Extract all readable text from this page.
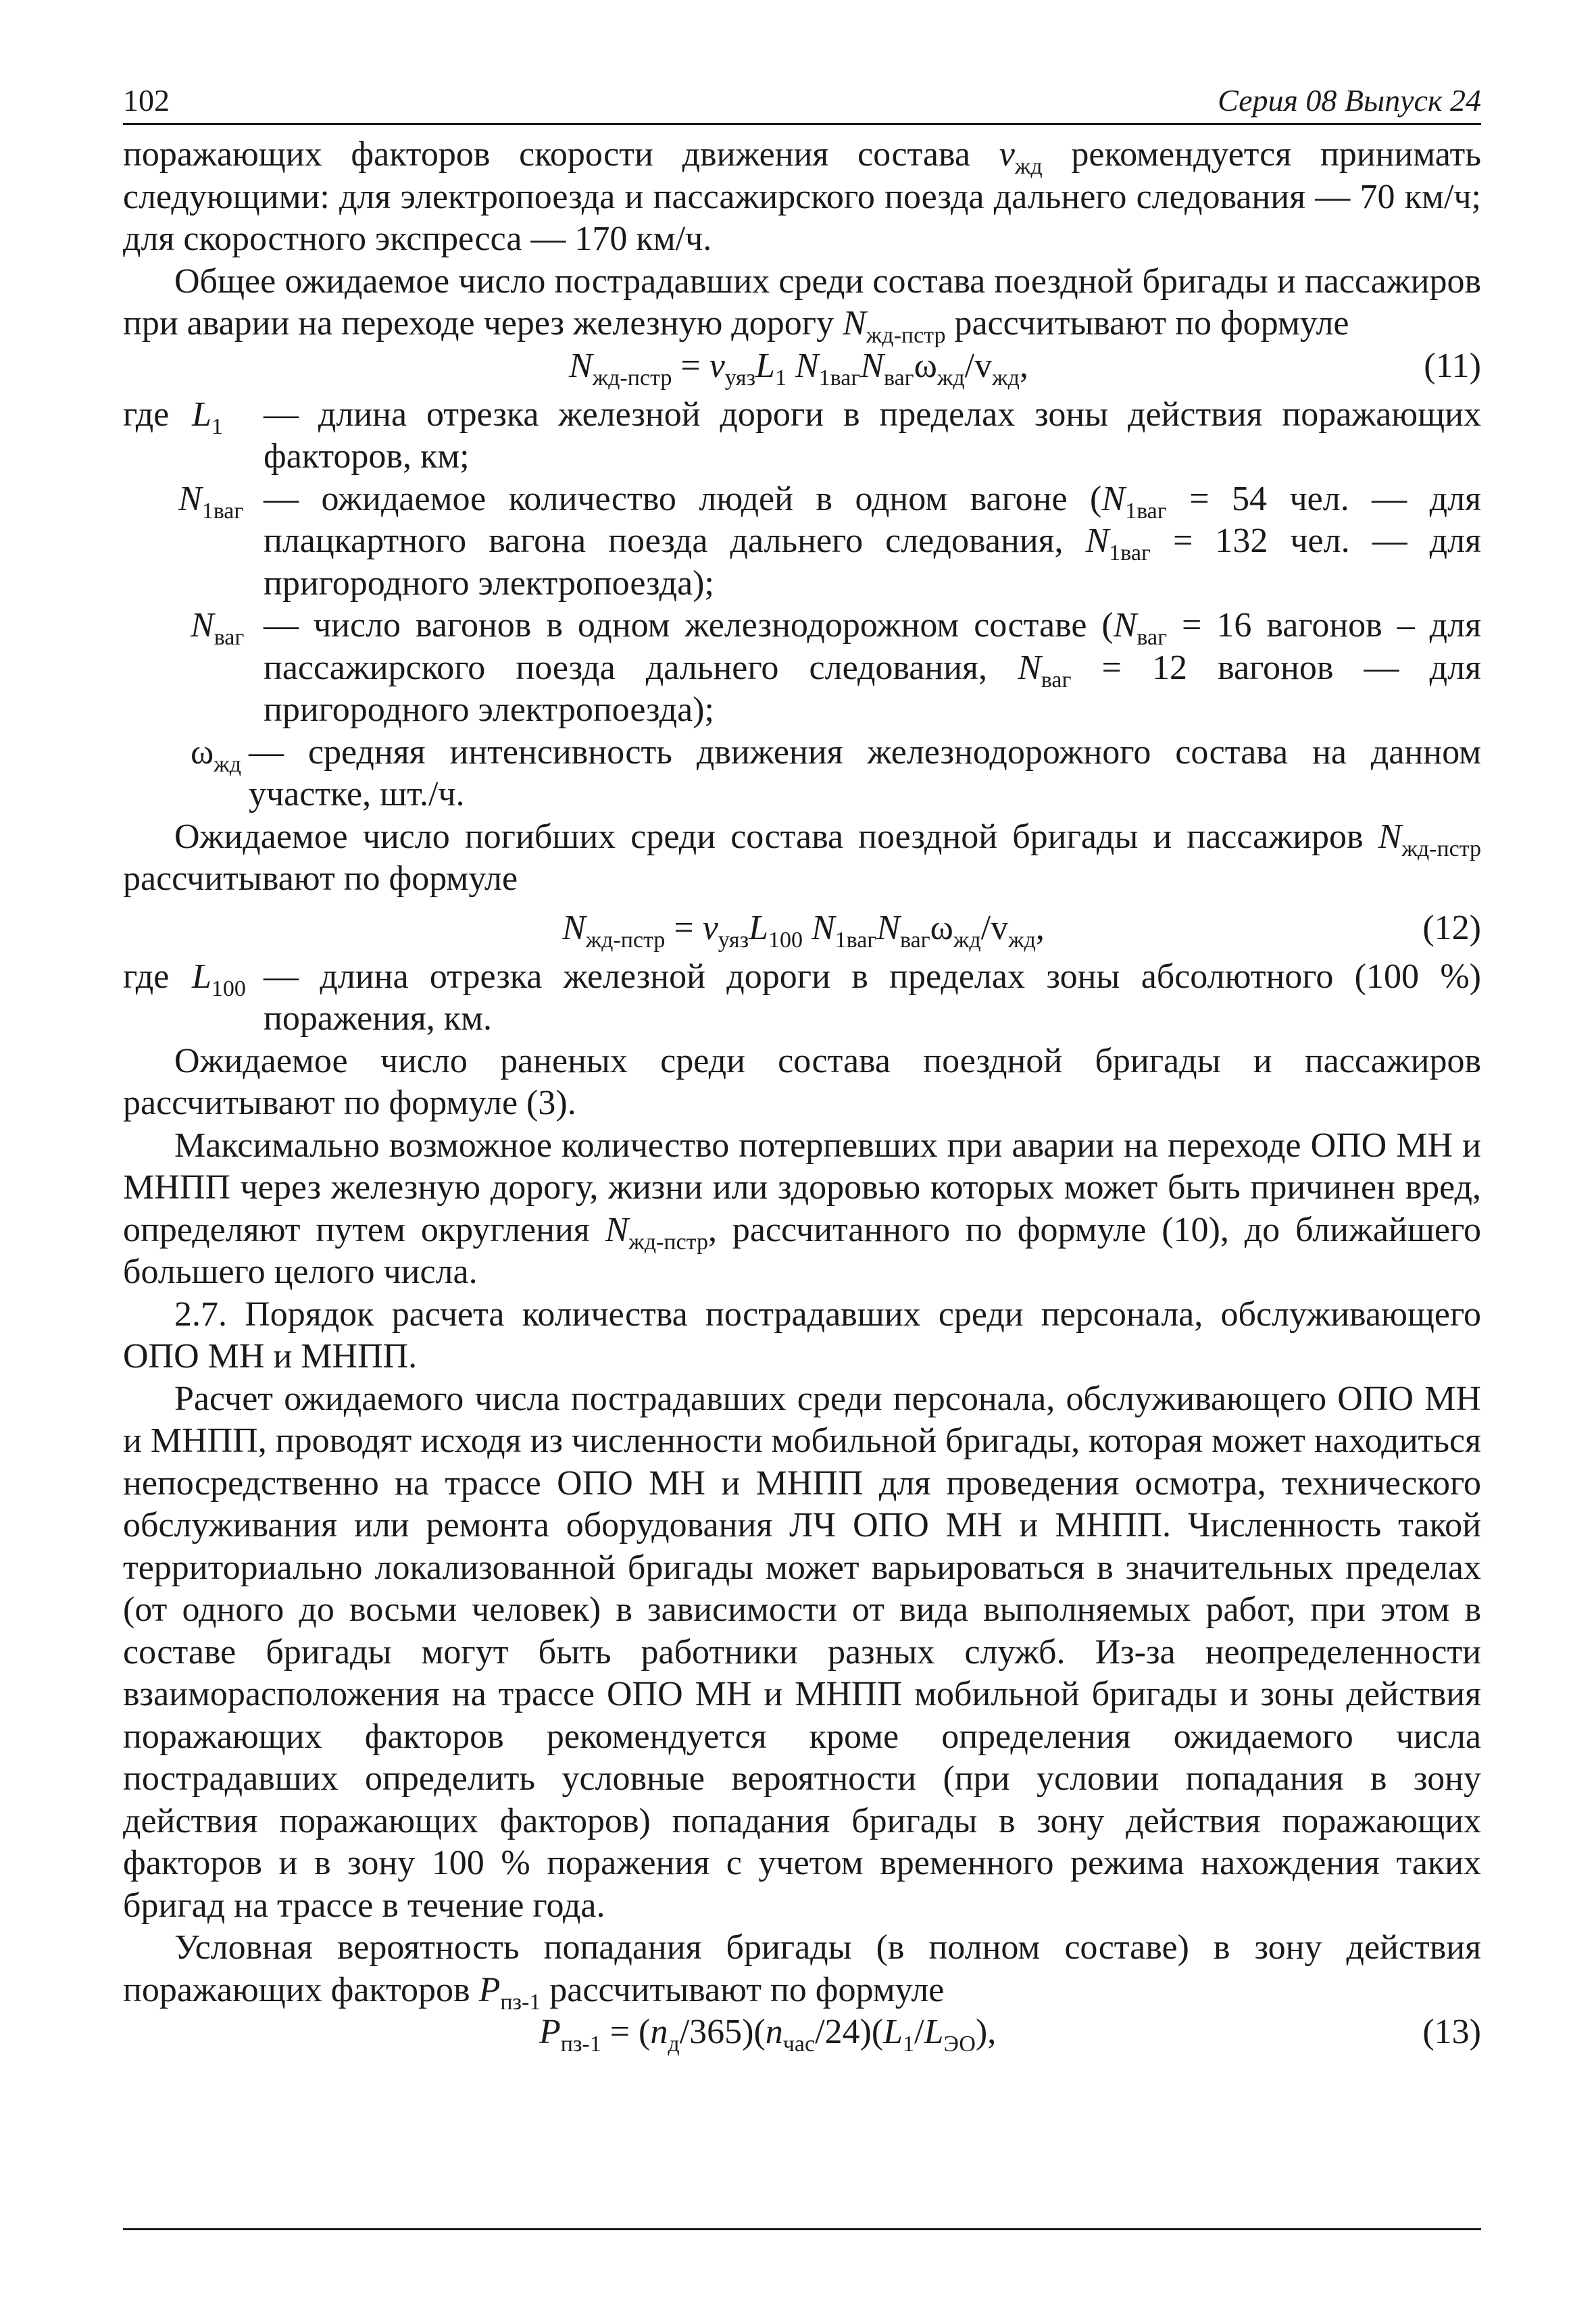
102	Серия 08 Выпуск 24

поражающих факторов скорости движения состава $v_{жд}$ рекомендуется принимать следующими: для электропоезда и пассажирского поезда дальнего следования — 70 км/ч; для скоростного экспресса — 170 км/ч.

Общее ожидаемое число пострадавших среди состава поездной бригады и пассажиров при аварии на переходе через железную дорогу $N_{жд-пстр}$ рассчитывают по формуле

$N_{жд-пстр} = v_{уяз}L_1$ $N_{1ваг}N_{ваг}\omega_{жд}/v_{жд}$,	(11)
где $L_1$ — длина отрезка железной дороги в пределах зоны действия поражающих факторов, км;
$N_{1ваг}$ — ожидаемое количество людей в одном вагоне ($N_{1ваг} = 54$ чел. — для плацкартного вагона поезда дальнего следования, $N_{1ваг} = 132$ чел. — для пригородного электропоезда);
$N_{ваг}$ — число вагонов в одном железнодорожном составе ($N_{ваг} = 16$ вагонов – для пассажирского поезда дальнего следования, $N_{ваг} = 12$ вагонов — для пригородного электропоезда);
$\omega_{жд}$ — средняя интенсивность движения железнодорожного состава на данном участке, шт./ч.

Ожидаемое число погибших среди состава поездной бригады и пассажиров $N_{жд-пстр}$ рассчитывают по формуле

$N_{жд-пстр} = v_{уяз}L_{100}$ $N_{1ваг}N_{ваг}\omega_{жд}/v_{жд}$,	(12)
где $L_{100}$ — длина отрезка железной дороги в пределах зоны абсолютного (100 %) поражения, км.

Ожидаемое число раненых среди состава поездной бригады и пассажиров рассчитывают по формуле (3).

Максимально возможное количество потерпевших при аварии на переходе ОПО МН и МНПП через железную дорогу, жизни или здоровью которых может быть причинен вред, определяют путем округления $N_{жд-пстр}$, рассчитанного по формуле (10), до ближайшего большего целого числа.

2.7. Порядок расчета количества пострадавших среди персонала, обслуживающего ОПО МН и МНПП.

Расчет ожидаемого числа пострадавших среди персонала, обслуживающего ОПО МН и МНПП, проводят исходя из численности мобильной бригады, которая может находиться непосредственно на трассе ОПО МН и МНПП для проведения осмотра, технического обслуживания или ремонта оборудования ЛЧ ОПО МН и МНПП. Численность такой территориально локализованной бригады может варьироваться в значительных пределах (от одного до восьми человек) в зависимости от вида выполняемых работ, при этом в составе бригады могут быть работники разных служб. Из-за неопределенности взаиморасположения на трассе ОПО МН и МНПП мобильной бригады и зоны действия поражающих факторов рекомендуется кроме определения ожидаемого числа пострадавших определить условные вероятности (при условии попадания в зону действия поражающих факторов) попадания бригады в зону действия поражающих факторов и в зону 100 % поражения с учетом временного режима нахождения таких бригад на трассе в течение года.

Условная вероятность попадания бригады (в полном составе) в зону действия поражающих факторов $P_{пз-1}$ рассчитывают по формуле

$P_{пз-1} = (n_д/365)(n_{час}/24)(L_1/L_{ЭО})$,	(13)
